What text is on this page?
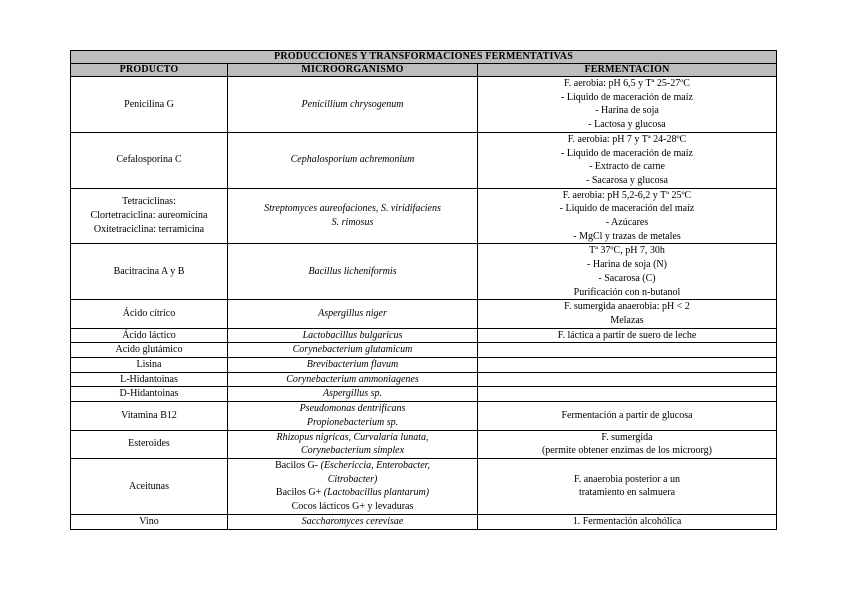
PRODUCCIONES Y TRANSFORMACIONES FERMENTATIVAS		
PRODUCTO	MICROORGANISMO	FERMENTACIÓN

Penicilina G	Penicillium chrysogenum	F. aerobia: pH 6,5 y Tª 25-27ºC
- Liquido de maceración de maíz
- Harina de soja
- Lactosa y glucosa

Cefalosporina C	Cephalosporium achremonium	F. aerobia: pH 7 y Tª 24-28ºC
- Liquido de maceración de maíz
- Extracto de carne
- Sacarosa y glucosa

Tetraciclinas:
Clortetraciclina: aureomicina
Oxitetraciclina: terramicina	Streptomyces aureofaciones, S. viridifaciens
S. rimosus	F. aerobia: pH 5,2-6,2 y Tª 25ºC
- Liquido de maceración del maíz
- Azúcares
- MgCl y trazas de metales

Bacitracina A y B	Bacillus licheniformis	Tª 37ºC, pH 7, 30h
- Harina de soja (N)
- Sacarosa (C)
Purificación con n-butanol

Ácido cítrico	Aspergillus niger	F. sumergida anaerobia: pH < 2
Melazas

Ácido láctico	Lactobacillus bulgaricus	F. láctica a partir de suero de leche

Acido glutámico	Corynebacterium glutamicum	

Lisina	Brevibacterium flavum	

L-Hidantoinas	Corynebacterium ammoniagenes	

D-Hidantoinas	Aspergillus sp.	

Vitamina B12	Pseudomonas dentrificans
Propionebacterium sp.	Fermentación a partir de glucosa

Esteroides	Rhizopus nigricas, Curvalaria lunata,
Corynebacterium simplex	F. sumergida
(permite obtener enzimas de los microorg)

Aceitunas	Bacilos G- (Eschericcia, Enterobacter,
Citrobacter)
Bacilos G+ (Lactobacillus plantarum)
Cocos lácticos G+ y levaduras	F. anaerobia posterior a un
tratamiento en salmuera

Vino	Saccharomyces cerevisae	1. Fermentación alcohólica
